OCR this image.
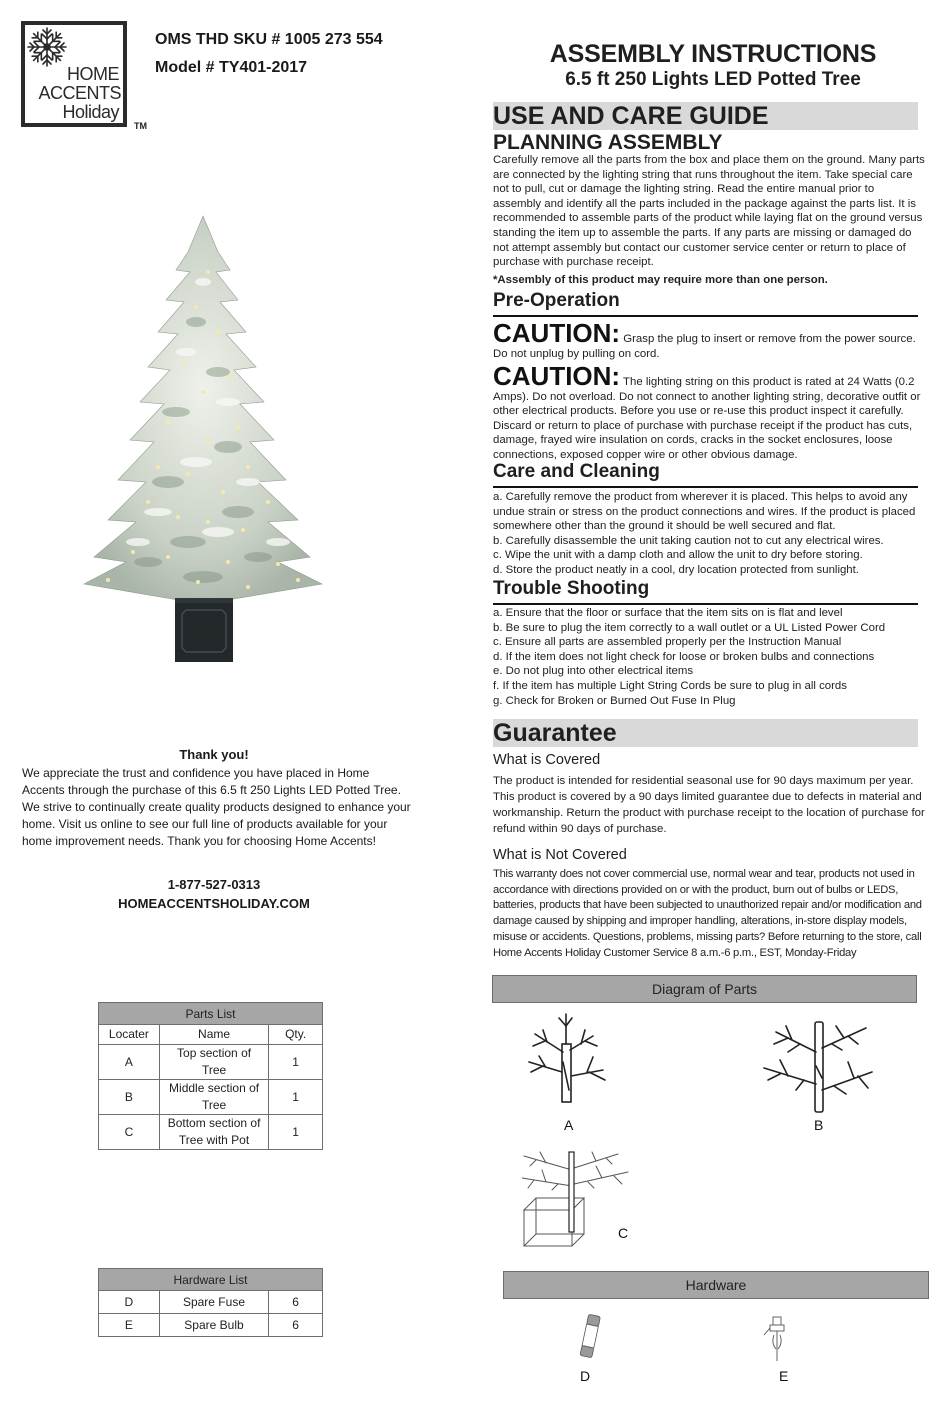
HOME
ACCENTS
Holiday
TM
OMS THD SKU # 1005 273 554
Model # TY401-2017
Thank you!
We appreciate the trust and confidence you have placed in Home Accents through the purchase of this 6.5 ft 250 Lights LED Potted Tree. We strive to continually create quality products designed to enhance your home. Visit us online to see our full line of products available for your home improvement needs. Thank you for choosing Home Accents!
1-877-527-0313
HOMEACCENTSHOLIDAY.COM
Parts List		
Locater	Name	Qty.
A	Top section of Tree	1
B	Middle section of Tree	1
C	Bottom section of Tree with Pot	1
Hardware List		
D	Spare Fuse	6
E	Spare Bulb	6
ASSEMBLY INSTRUCTIONS
6.5 ft 250 Lights LED Potted Tree
USE AND CARE GUIDE
PLANNING ASSEMBLY
Carefully remove all the parts from the box and place them on the ground. Many parts are connected by the lighting string that runs throughout the item. Take special care not to pull, cut or damage the lighting string. Read the entire manual prior to assembly and identify all the parts included in the package against the parts list. It is recommended to assemble parts of the product while laying flat on the ground versus standing the item up to assemble the parts. If any parts are missing or damaged do not attempt assembly but contact our customer service center or return to place of purchase with purchase receipt.
*Assembly of this product may require more than one person.
Pre-Operation
CAUTION: Grasp the plug to insert or remove from the power source. Do not unplug by pulling on cord.
CAUTION: The lighting string on this product is rated at 24 Watts (0.2 Amps). Do not overload. Do not connect to another lighting string, decorative outfit or other electrical products. Before you use or re-use this product inspect it carefully. Discard or return to place of purchase with purchase receipt if the product has cuts, damage, frayed wire insulation on cords, cracks in the socket enclosures, loose connections, exposed copper wire or other obvious damage.
Care and Cleaning
a. Carefully remove the product from wherever it is placed. This helps to avoid any undue strain or stress on the product connections and wires. If the product is placed somewhere other than the ground it should be well secured and flat.
b. Carefully disassemble the unit taking caution not to cut any electrical wires.
c. Wipe the unit with a damp cloth and allow the unit to dry before storing.
d. Store the product neatly in a cool, dry location protected from sunlight.
Trouble Shooting
a. Ensure that the floor or surface that the item sits on is flat and level
b. Be sure to plug the item correctly to a wall outlet or a UL Listed Power Cord
c. Ensure all parts are assembled properly per the Instruction Manual
d. If the item does not light check for loose or broken bulbs and connections
e. Do not plug into other electrical items
f. If the item has multiple Light String Cords be sure to plug in all cords
g. Check for Broken or Burned Out Fuse In Plug
Guarantee
What is Covered
The product is intended for residential seasonal use for 90 days maximum per year. This product is covered by a 90 days limited guarantee due to defects in material and workmanship. Return the product with purchase receipt to the location of purchase for refund within 90 days of purchase.
What is Not Covered
This warranty does not cover commercial use, normal wear and tear, products not used in accordance with directions provided on or with the product, burn out of bulbs or LEDS, batteries, products that have been subjected to unauthorized repair and/or modification and damage caused by shipping and improper handling, alterations, in-store display models, misuse or accidents. Questions, problems, missing parts? Before returning to the store, call Home Accents Holiday Customer Service 8 a.m.-6 p.m., EST, Monday-Friday
Diagram of Parts
A	B
C
Hardware
D	E
